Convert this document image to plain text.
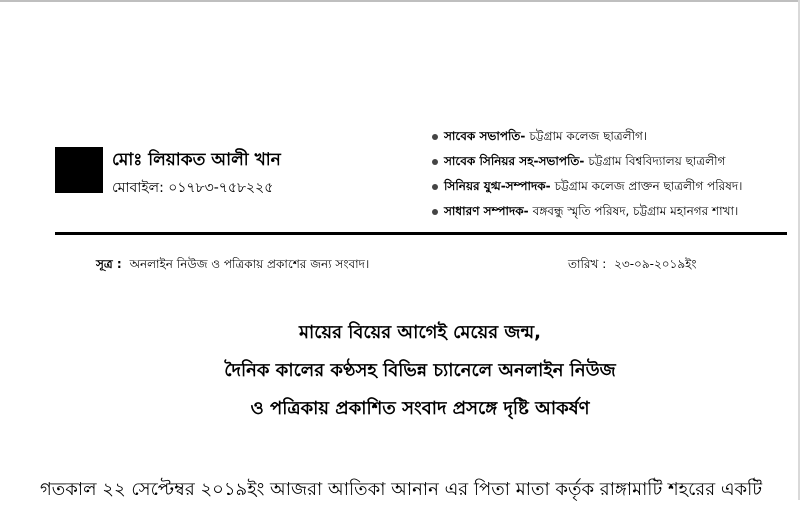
মোঃ লিয়াকত আলী খান
মোবাইল: ০১৭৮৩-৭৫৮২২৫
সাবেক সভাপতি- চট্টগ্রাম কলেজ ছাত্রলীগ।
সাবেক সিনিয়র সহ-সভাপতি- চট্টগ্রাম বিশ্ববিদ্যালয় ছাত্রলীগ
সিনিয়র যুগ্ম-সম্পাদক- চট্টগ্রাম কলেজ প্রাক্তন ছাত্রলীগ পরিষদ।
সাধারণ সম্পাদক- বঙ্গবন্ধু স্মৃতি পরিষদ, চট্টগ্রাম মহানগর শাখা।
সূত্র : অনলাইন নিউজ ও পত্রিকায় প্রকাশের জন্য সংবাদ।	তারিখ : ২৩-০৯-২০১৯ইং
মায়ের বিয়ের আগেই মেয়ের জন্ম,
দৈনিক কালের কণ্ঠসহ বিভিন্ন চ্যানেলে অনলাইন নিউজ
ও পত্রিকায় প্রকাশিত সংবাদ প্রসঙ্গে দৃষ্টি আকর্ষণ
গতকাল ২২ সেপ্টেম্বর ২০১৯ইং আজরা আতিকা আনান এর পিতা মাতা কর্তৃক রাঙ্গামাটি শহরের একটি
